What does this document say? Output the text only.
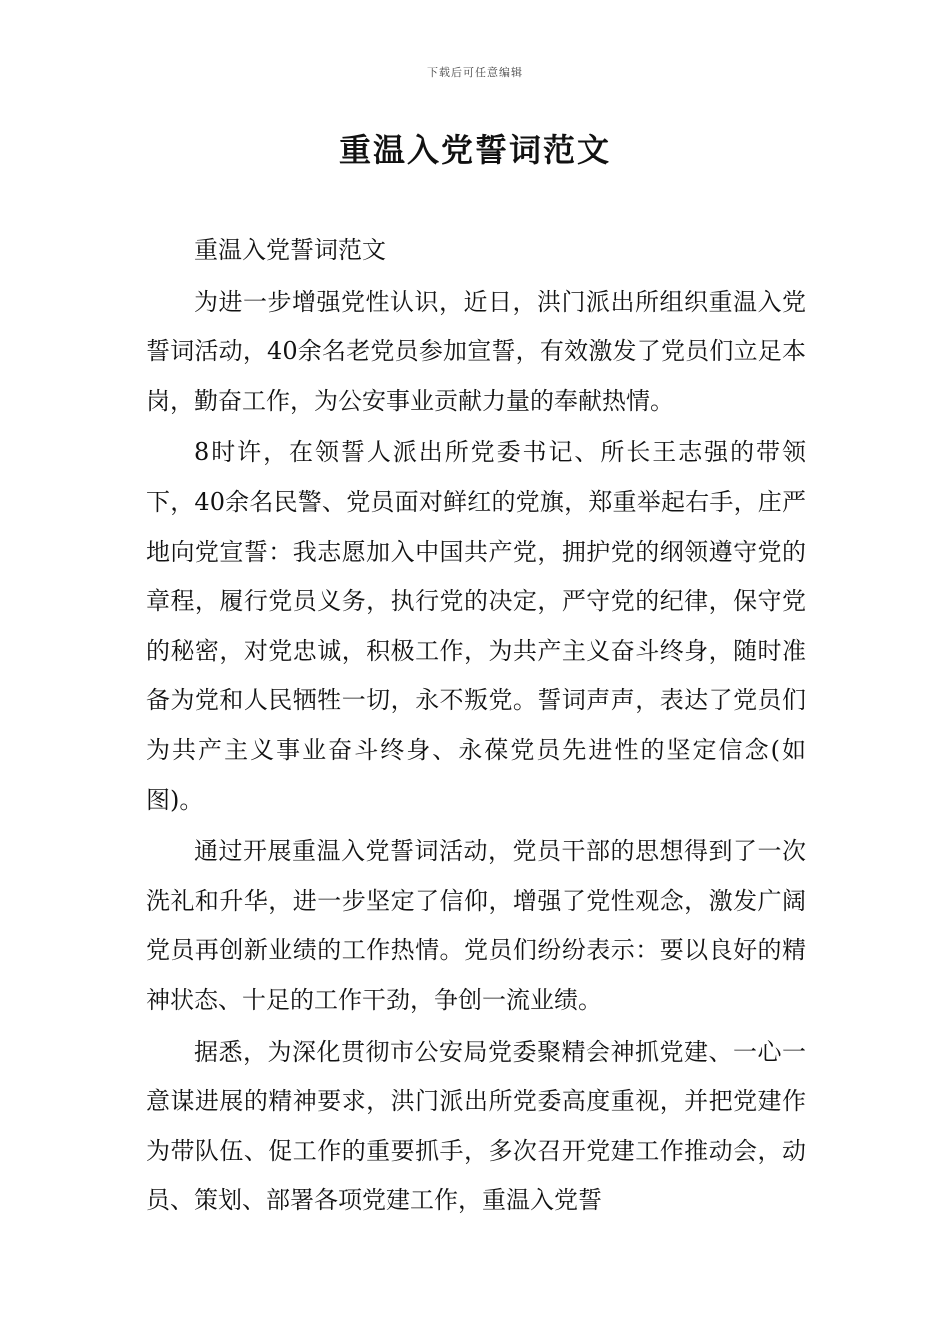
下载后可任意编辑
重温入党誓词范文

重温入党誓词范文

为进一步增强党性认识，近日，洪门派出所组织重温入党誓词活动，40余名老党员参加宣誓，有效激发了党员们立足本岗，勤奋工作，为公安事业贡献力量的奉献热情。

8时许，在领誓人派出所党委书记、所长王志强的带领下，40余名民警、党员面对鲜红的党旗，郑重举起右手，庄严地向党宣誓：我志愿加入中国共产党，拥护党的纲领遵守党的章程，履行党员义务，执行党的决定，严守党的纪律，保守党的秘密，对党忠诚，积极工作，为共产主义奋斗终身，随时准备为党和人民牺牲一切，永不叛党。誓词声声，表达了党员们为共产主义事业奋斗终身、永葆党员先进性的坚定信念(如图)。

通过开展重温入党誓词活动，党员干部的思想得到了一次洗礼和升华，进一步坚定了信仰，增强了党性观念，激发广阔党员再创新业绩的工作热情。党员们纷纷表示：要以良好的精神状态、十足的工作干劲，争创一流业绩。

据悉，为深化贯彻市公安局党委聚精会神抓党建、一心一意谋进展的精神要求，洪门派出所党委高度重视，并把党建作为带队伍、促工作的重要抓手，多次召开党建工作推动会，动员、策划、部署各项党建工作，重温入党誓
